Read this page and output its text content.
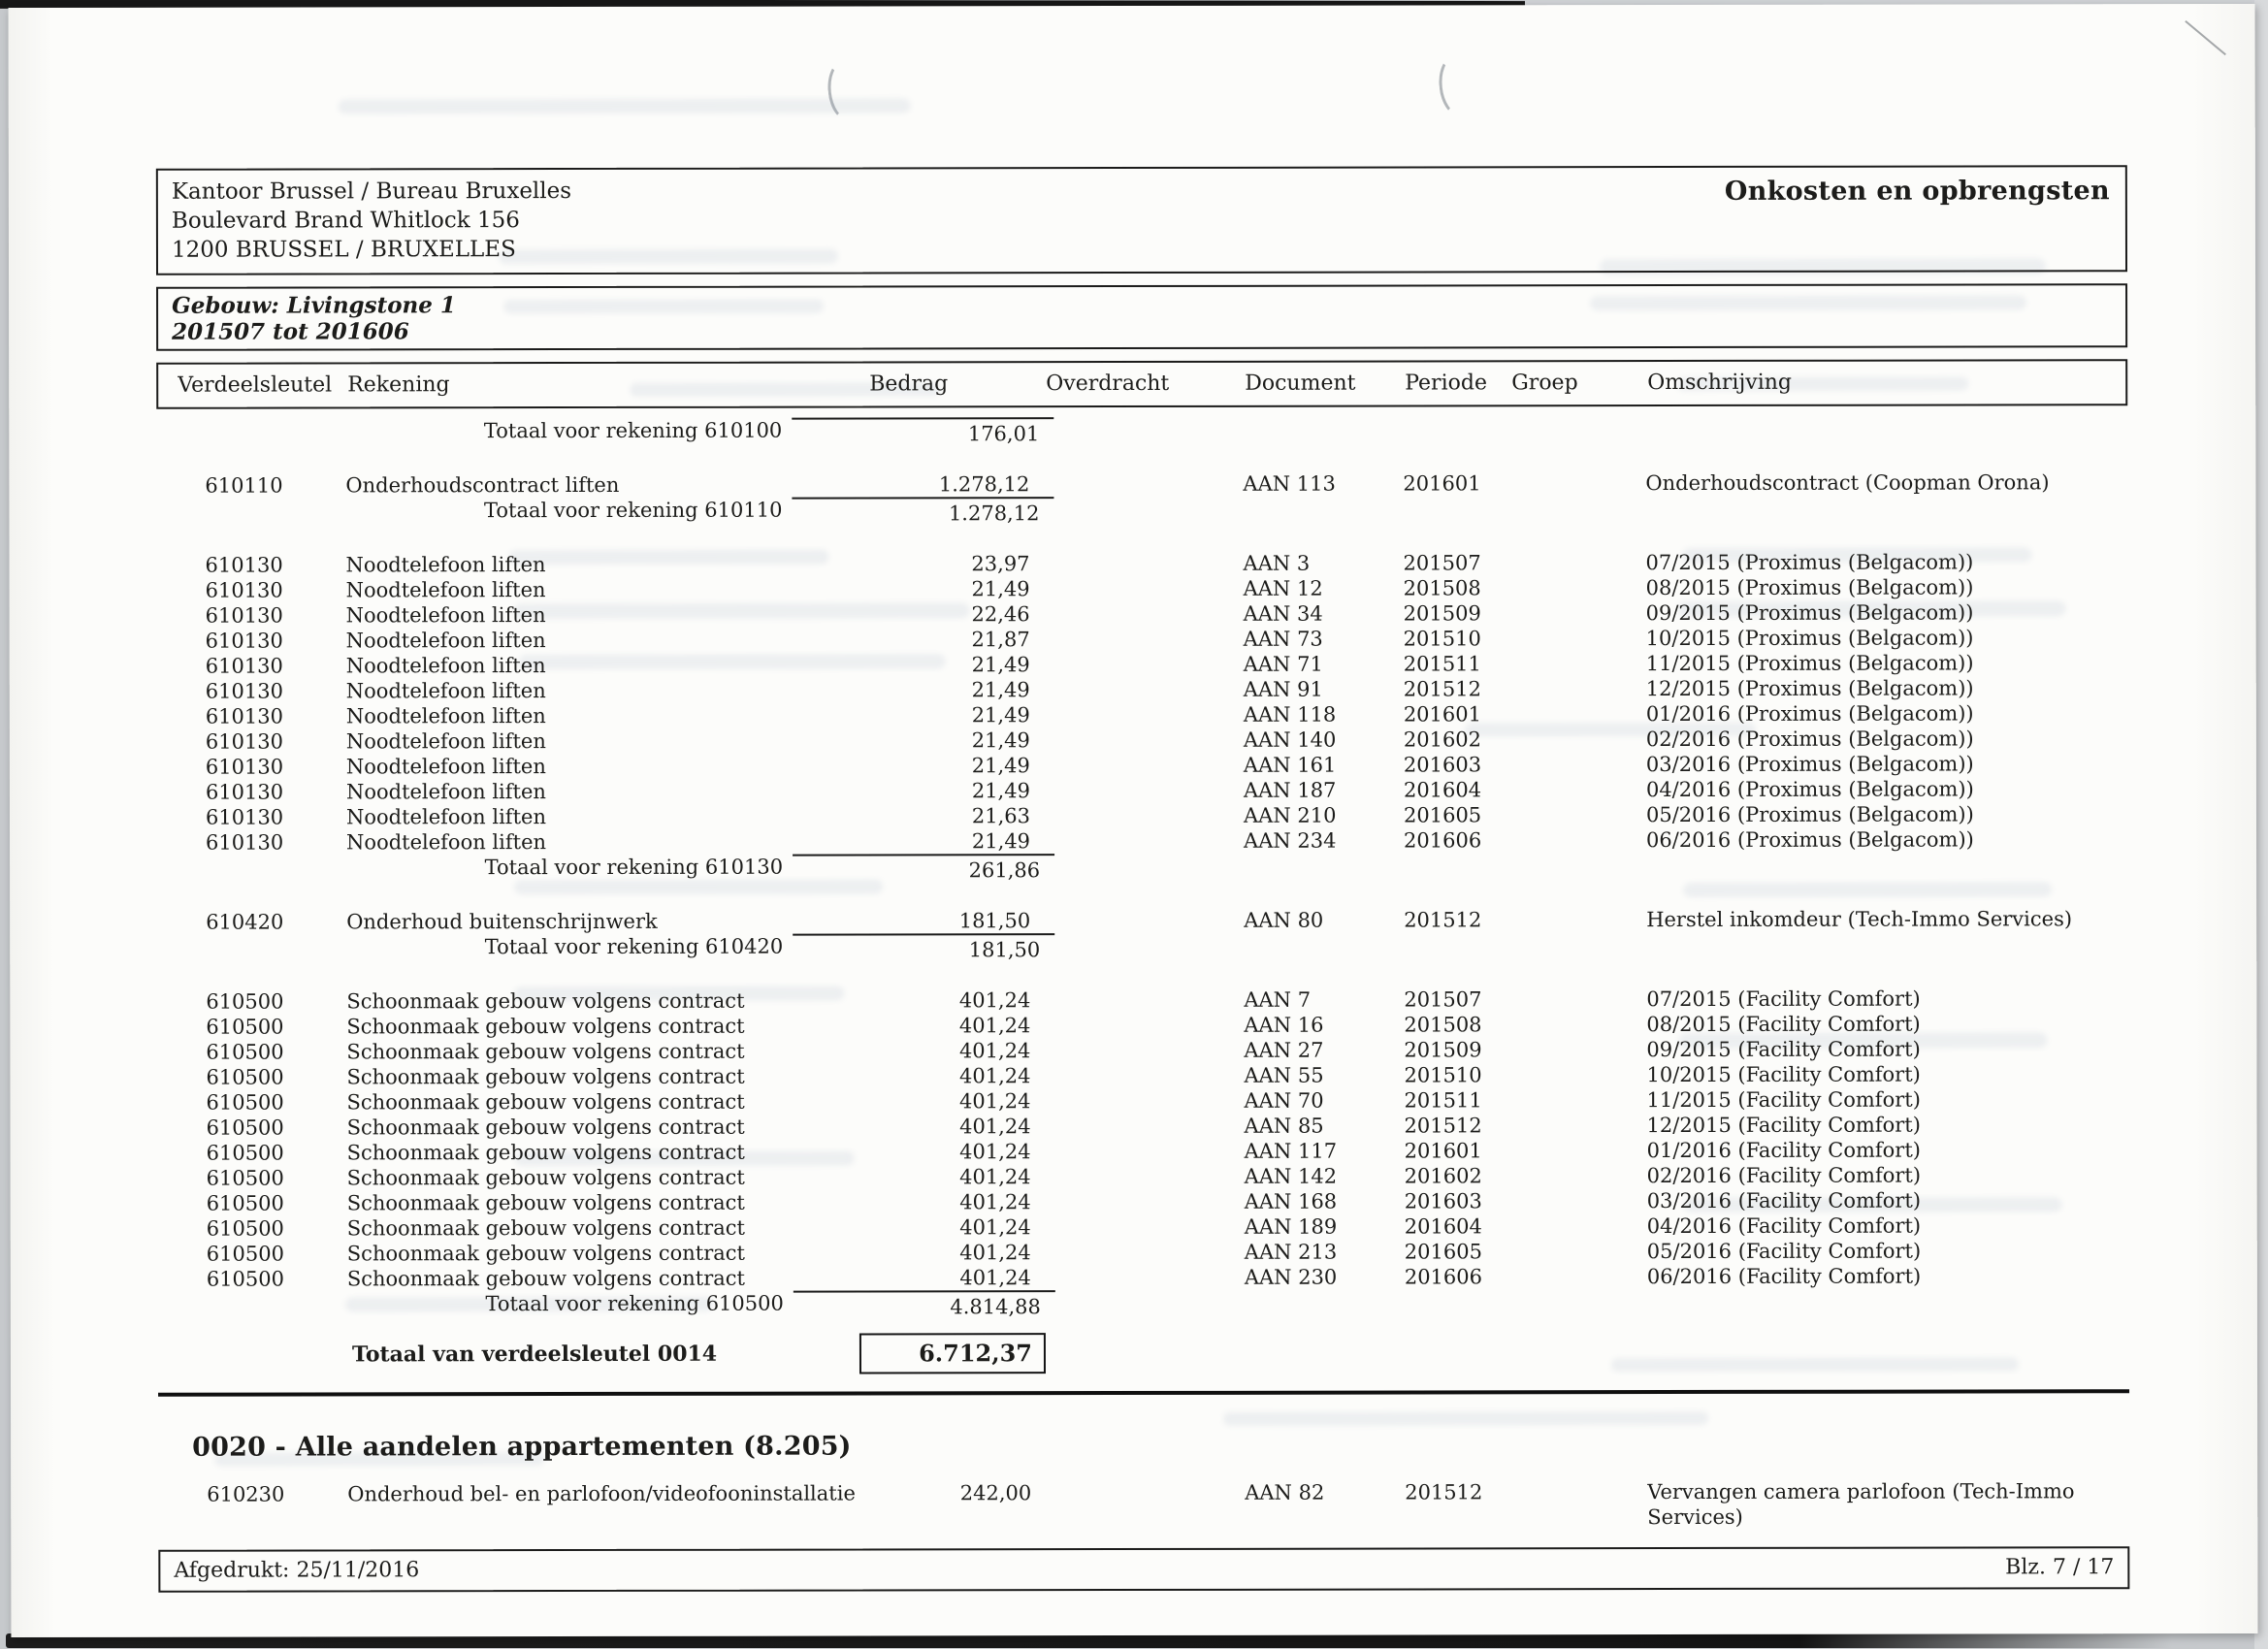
Kantoor Brussel / Bureau Bruxelles
Boulevard Brand Whitlock 156
1200 BRUSSEL / BRUXELLES
Onkosten en opbrengsten
Gebouw: Livingstone 1
201507 tot 201606
Verdeelsleutel Rekening	Bedrag	Overdracht	Document	Periode	Groep	Omschrijving
Totaal voor rekening 610100	176,01
610110	Onderhoudscontract liften	1.278,12	AAN 113	201601	Onderhoudscontract (Coopman Orona)
Totaal voor rekening 610110	1.278,12
610130	Noodtelefoon liften	23,97	AAN 3	201507	07/2015 (Proximus (Belgacom))
610130	Noodtelefoon liften	21,49	AAN 12	201508	08/2015 (Proximus (Belgacom))
610130	Noodtelefoon liften	22,46	AAN 34	201509	09/2015 (Proximus (Belgacom))
610130	Noodtelefoon liften	21,87	AAN 73	201510	10/2015 (Proximus (Belgacom))
610130	Noodtelefoon liften	21,49	AAN 71	201511	11/2015 (Proximus (Belgacom))
610130	Noodtelefoon liften	21,49	AAN 91	201512	12/2015 (Proximus (Belgacom))
610130	Noodtelefoon liften	21,49	AAN 118	201601	01/2016 (Proximus (Belgacom))
610130	Noodtelefoon liften	21,49	AAN 140	201602	02/2016 (Proximus (Belgacom))
610130	Noodtelefoon liften	21,49	AAN 161	201603	03/2016 (Proximus (Belgacom))
610130	Noodtelefoon liften	21,49	AAN 187	201604	04/2016 (Proximus (Belgacom))
610130	Noodtelefoon liften	21,63	AAN 210	201605	05/2016 (Proximus (Belgacom))
610130	Noodtelefoon liften	21,49	AAN 234	201606	06/2016 (Proximus (Belgacom))
Totaal voor rekening 610130	261,86
610420	Onderhoud buitenschrijnwerk	181,50	AAN 80	201512	Herstel inkomdeur (Tech-Immo Services)
Totaal voor rekening 610420	181,50
610500	Schoonmaak gebouw volgens contract	401,24	AAN 7	201507	07/2015 (Facility Comfort)
610500	Schoonmaak gebouw volgens contract	401,24	AAN 16	201508	08/2015 (Facility Comfort)
610500	Schoonmaak gebouw volgens contract	401,24	AAN 27	201509	09/2015 (Facility Comfort)
610500	Schoonmaak gebouw volgens contract	401,24	AAN 55	201510	10/2015 (Facility Comfort)
610500	Schoonmaak gebouw volgens contract	401,24	AAN 70	201511	11/2015 (Facility Comfort)
610500	Schoonmaak gebouw volgens contract	401,24	AAN 85	201512	12/2015 (Facility Comfort)
610500	Schoonmaak gebouw volgens contract	401,24	AAN 117	201601	01/2016 (Facility Comfort)
610500	Schoonmaak gebouw volgens contract	401,24	AAN 142	201602	02/2016 (Facility Comfort)
610500	Schoonmaak gebouw volgens contract	401,24	AAN 168	201603	03/2016 (Facility Comfort)
610500	Schoonmaak gebouw volgens contract	401,24	AAN 189	201604	04/2016 (Facility Comfort)
610500	Schoonmaak gebouw volgens contract	401,24	AAN 213	201605	05/2016 (Facility Comfort)
610500	Schoonmaak gebouw volgens contract	401,24	AAN 230	201606	06/2016 (Facility Comfort)
Totaal voor rekening 610500	4.814,88
Totaal van verdeelsleutel 0014	6.712,37
0020 - Alle aandelen appartementen (8.205)
610230	Onderhoud bel- en parlofoon/videofooninstallatie	242,00	AAN 82	201512	Vervangen camera parlofoon (Tech-Immo Services)
Afgedrukt: 25/11/2016	Blz. 7 / 17
